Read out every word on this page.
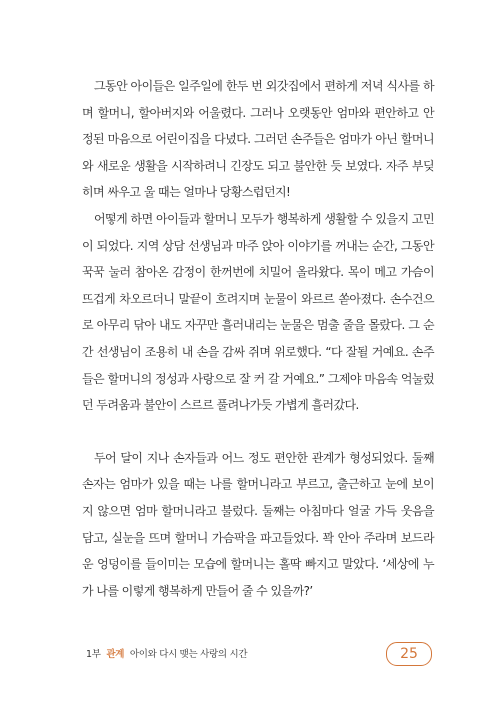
그동안 아이들은 일주일에 한두 번 외갓집에서 편하게 저녁 식사를 하며 할머니, 할아버지와 어울렸다. 그러나 오랫동안 엄마와 편안하고 안정된 마음으로 어린이집을 다녔다. 그러던 손주들은 엄마가 아닌 할머니와 새로운 생활을 시작하려니 긴장도 되고 불안한 듯 보였다. 자주 부딪히며 싸우고 울 때는 얼마나 당황스럽던지!

어떻게 하면 아이들과 할머니 모두가 행복하게 생활할 수 있을지 고민이 되었다. 지역 상담 선생님과 마주 앉아 이야기를 꺼내는 순간, 그동안 꾹꾹 눌러 참아온 감정이 한꺼번에 치밀어 올라왔다. 목이 메고 가슴이 뜨겁게 차오르더니 말끝이 흐려지며 눈물이 와르르 쏟아졌다. 손수건으로 아무리 닦아 내도 자꾸만 흘러내리는 눈물은 멈출 줄을 몰랐다. 그 순간 선생님이 조용히 내 손을 감싸 쥐며 위로했다. “다 잘될 거예요. 손주들은 할머니의 정성과 사랑으로 잘 커 갈 거예요.” 그제야 마음속 억눌렀던 두려움과 불안이 스르르 풀려나가듯 가볍게 흘러갔다.

두어 달이 지나 손자들과 어느 정도 편안한 관계가 형성되었다. 둘째 손자는 엄마가 있을 때는 나를 할머니라고 부르고, 출근하고 눈에 보이지 않으면 엄마 할머니라고 불렀다. 둘째는 아침마다 얼굴 가득 웃음을 담고, 실눈을 뜨며 할머니 가슴팍을 파고들었다. 꽉 안아 주라며 보드라운 엉덩이를 들이미는 모습에 할머니는 홀딱 빠지고 말았다. ‘세상에 누가 나를 이렇게 행복하게 만들어 줄 수 있을까?’

1부 관계 아이와 다시 맺는 사랑의 시간	25
